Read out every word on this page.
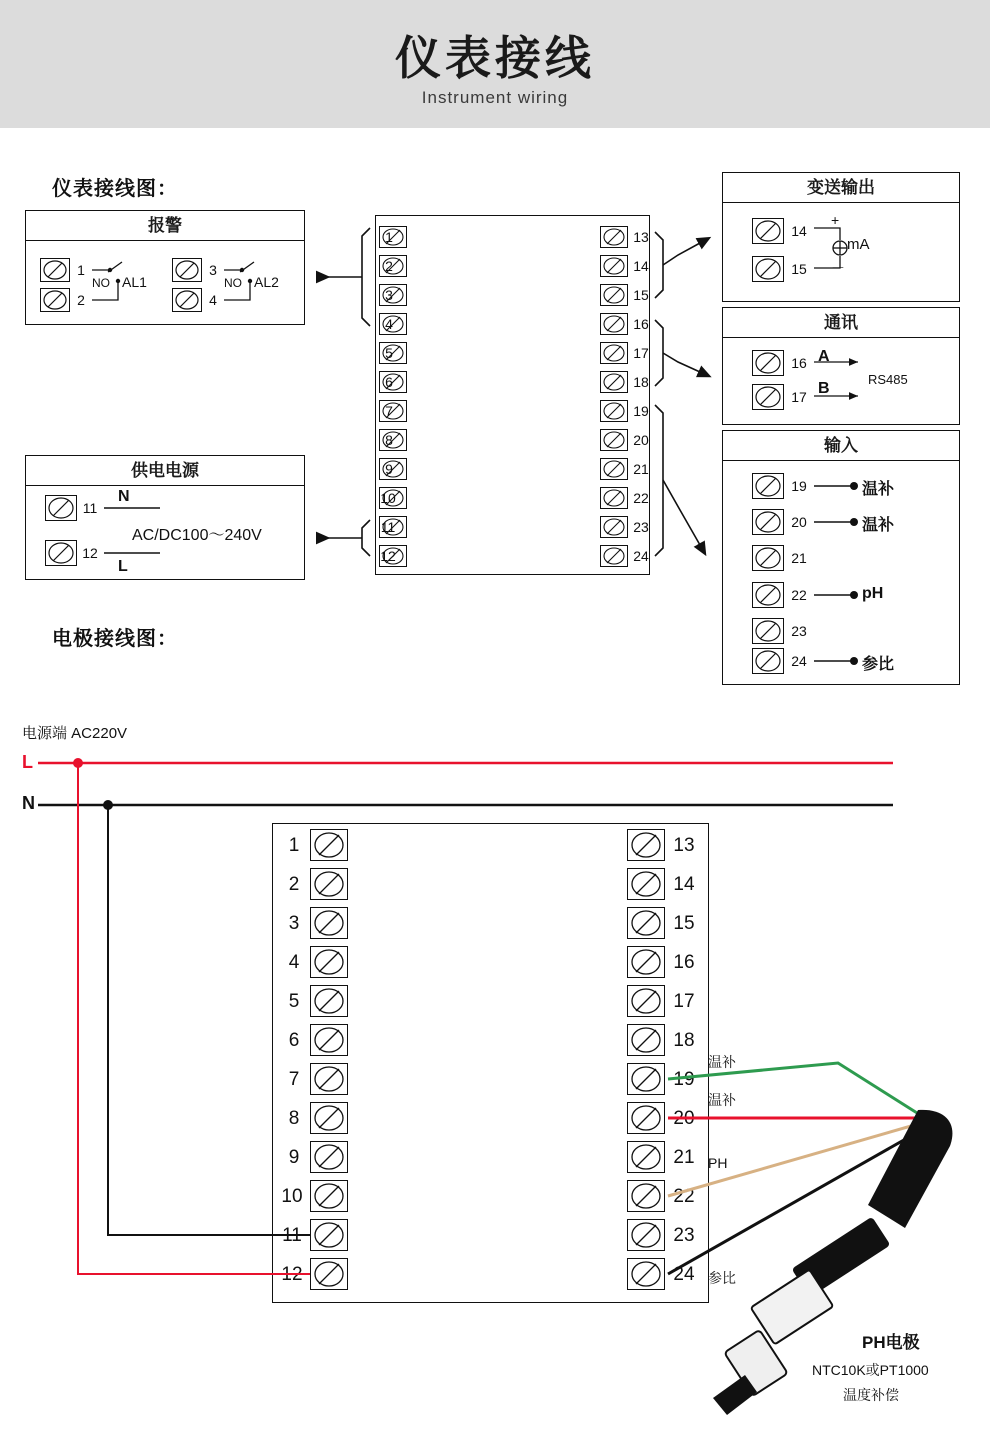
仪表接线
Instrument wiring
仪表接线图：
电极接线图：
报警
1
2
3
4
NO AL1	NO AL2
供电电源
11
12
N
L
AC/DC100～240V
1
2
3
4
5
6
7
8
9
10
11
12
13
14
15
16
17
18
19
20
21
22
23
24
变送输出
14
15
+
mA
－
通讯
16
17
A
B
RS485
输入
19	温补
20	温补
21
22	pH
23
24	参比
1
2
3
4
5
6
7
8
9
10
11
12
13
14
15
16
17
18
19
20
21
22
23
24
电源端 AC220V
L
N
温补
温补
PH
参比
PH电极
NTC10K或PT1000
温度补偿
